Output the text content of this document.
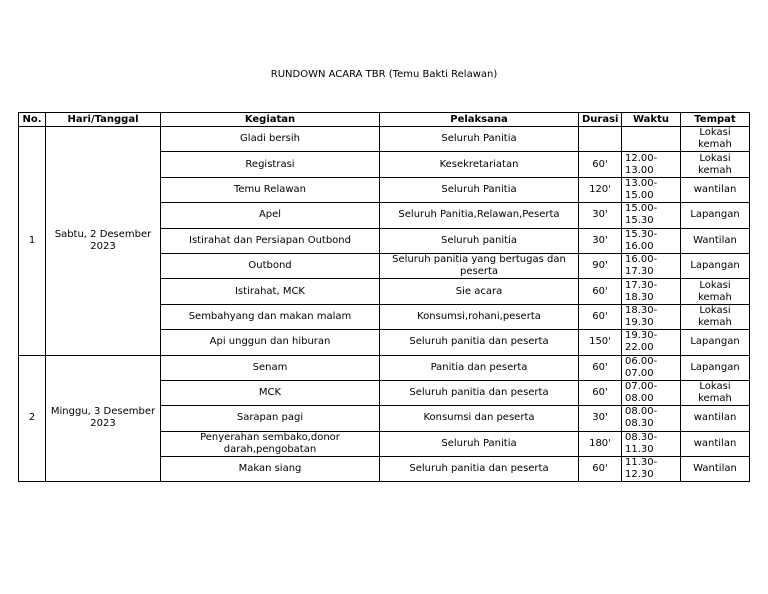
RUNDOWN ACARA TBR (Temu Bakti Relawan)
No.	Hari/Tanggal	Kegiatan	Pelaksana	Durasi	Waktu	Tempat
1	Sabtu, 2 Desember 2023	Gladi bersih	Seluruh Panitia			Lokasi kemah
		Registrasi	Kesekretariatan	60'	12.00-13.00	Lokasi kemah
		Temu Relawan	Seluruh Panitia	120'	13.00-15.00	wantilan
		Apel	Seluruh Panitia,Relawan,Peserta	30'	15.00-15.30	Lapangan
		Istirahat dan Persiapan Outbond	Seluruh panitia	30'	15.30-16.00	Wantilan
		Outbond	Seluruh panitia yang bertugas dan peserta	90'	16.00-17.30	Lapangan
		Istirahat, MCK	Sie acara	60'	17.30-18.30	Lokasi kemah
		Sembahyang dan makan malam	Konsumsi,rohani,peserta	60'	18.30-19.30	Lokasi kemah
		Api unggun dan hiburan	Seluruh panitia dan peserta	150'	19.30-22.00	Lapangan
2	Minggu, 3 Desember 2023	Senam	Panitia dan peserta	60'	06.00-07.00	Lapangan
		MCK	Seluruh panitia dan peserta	60'	07.00-08.00	Lokasi kemah
		Sarapan pagi	Konsumsi dan peserta	30'	08.00-08.30	wantilan
		Penyerahan sembako,donor darah,pengobatan	Seluruh Panitia	180'	08.30-11.30	wantilan
		Makan siang	Seluruh panitia dan peserta	60'	11.30-12.30	Wantilan
